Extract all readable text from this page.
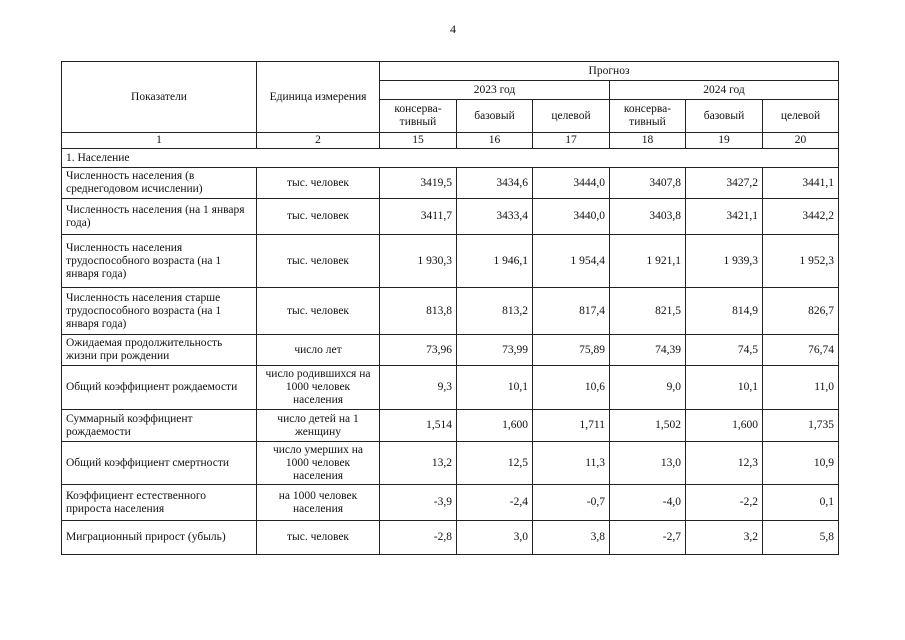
4
Показатели	Единица измерения	Прогноз					
		2023 год			2024 год		
		консерва-тивный	базовый	целевой	консерва-тивный	базовый	целевой
1	2	15	16	17	18	19	20
1. Население							
Численность населения (в среднегодовом исчислении)	тыс. человек	3419,5	3434,6	3444,0	3407,8	3427,2	3441,1
Численность населения (на 1 января года)	тыс. человек	3411,7	3433,4	3440,0	3403,8	3421,1	3442,2
Численность населения трудоспособного возраста (на 1 января года)	тыс. человек	1 930,3	1 946,1	1 954,4	1 921,1	1 939,3	1 952,3
Численность населения старше трудоспособного возраста (на 1 января года)	тыс. человек	813,8	813,2	817,4	821,5	814,9	826,7
Ожидаемая продолжительность жизни при рождении	число лет	73,96	73,99	75,89	74,39	74,5	76,74
Общий коэффициент рождаемости	число родившихся на 1000 человек населения	9,3	10,1	10,6	9,0	10,1	11,0
Суммарный коэффициент рождаемости	число детей на 1 женщину	1,514	1,600	1,711	1,502	1,600	1,735
Общий коэффициент смертности	число умерших на 1000 человек населения	13,2	12,5	11,3	13,0	12,3	10,9
Коэффициент естественного прироста населения	на 1000 человек населения	-3,9	-2,4	-0,7	-4,0	-2,2	0,1
Миграционный прирост (убыль)	тыс. человек	-2,8	3,0	3,8	-2,7	3,2	5,8
